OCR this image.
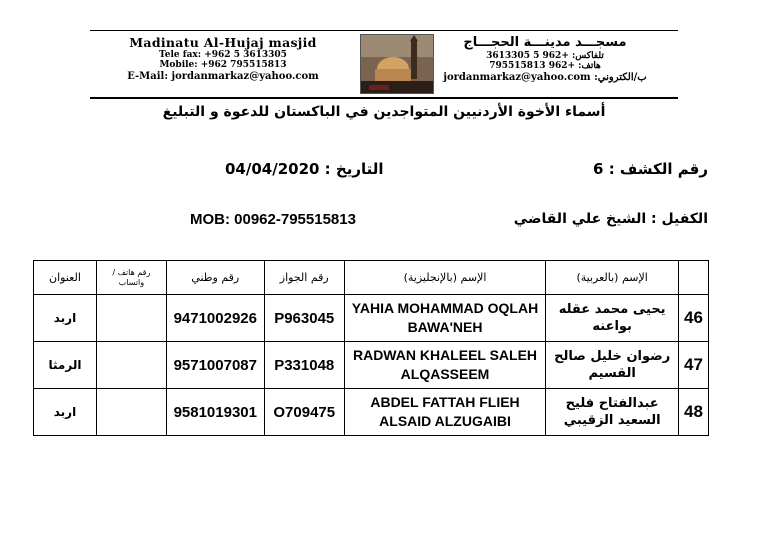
Madinatu Al-Hujaj masjid
Tele fax: +962 5 3613305
Mobile: +962 795515813
E-Mail: jordanmarkaz@yahoo.com
مسجـــد مدينـــة الحجـــاج
تلفاكس: +962 5 3613305
هاتف: +962 795515813
ب/الكتروني: jordanmarkaz@yahoo.com
أسماء الأخوة الأردنيين المتواجدين في الباكستان للدعوة و التبليغ
رقم الكشف : 6
التاريخ : 04/04/2020
الكفيل : الشيخ علي القاضي
MOB: 00962-795515813
	الإسم (بالعربية)	الإسم (بالإنجليزية)	رقم الجواز	رقم وطني	رقم هاتف / واتساب	العنوان
46	يحيى محمد عقله بواعنه	YAHIA MOHAMMAD OQLAH BAWA'NEH	P963045	9471002926		اربد
47	رضوان خليل صالح القسيم	RADWAN KHALEEL SALEH ALQASSEEM	P331048	9571007087		الرمثا
48	عبدالفتاح فليح السعيد الزقيبي	ABDEL FATTAH FLIEH ALSAID ALZUGAIBI	O709475	9581019301		اربد
